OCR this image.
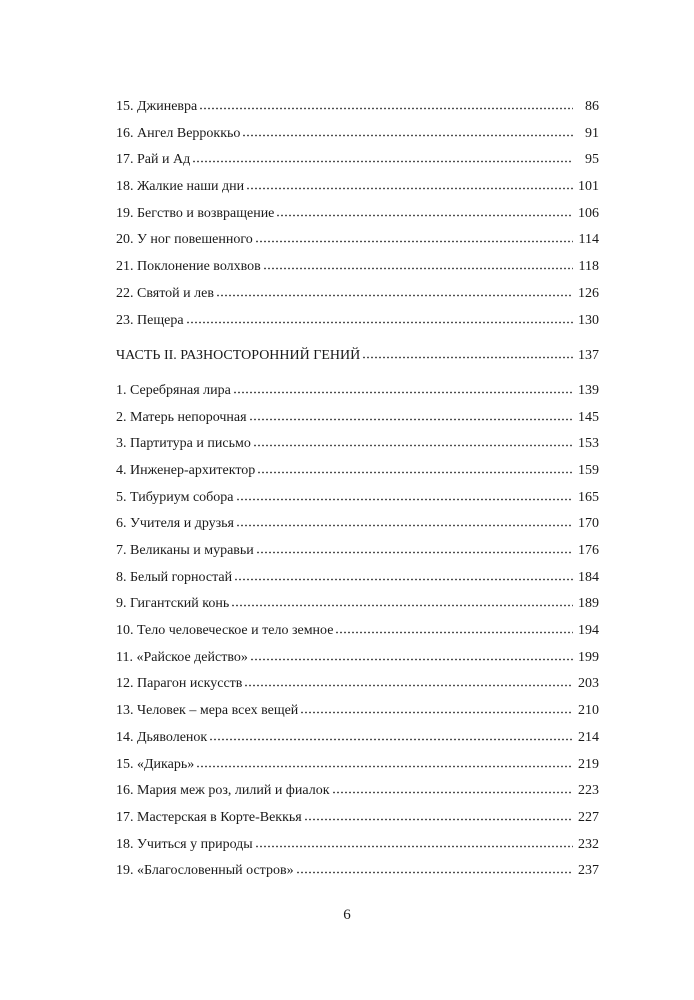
15. Джиневра	86
16. Ангел Верроккьо	91
17. Рай и Ад	95
18. Жалкие наши дни	101
19. Бегство и возвращение	106
20. У ног повешенного	114
21. Поклонение волхвов	118
22. Святой и лев	126
23. Пещера	130
ЧАСТЬ II. РАЗНОСТОРОННИЙ ГЕНИЙ	137
1. Серебряная лира	139
2. Матерь непорочная	145
3. Партитура и письмо	153
4. Инженер-архитектор	159
5. Тибуриум собора	165
6. Учителя и друзья	170
7. Великаны и муравьи	176
8. Белый горностай	184
9. Гигантский конь	189
10. Тело человеческое и тело земное	194
11. «Райское действо»	199
12. Парагон искусств	203
13. Человек – мера всех вещей	210
14. Дьяволенок	214
15. «Дикарь»	219
16. Мария меж роз, лилий и фиалок	223
17. Мастерская в Корте-Веккья	227
18. Учиться у природы	232
19. «Благословенный остров»	237
6
